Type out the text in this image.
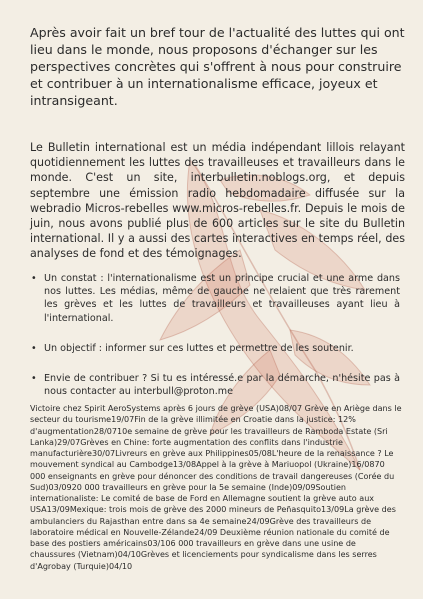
Après avoir fait un bref tour de l'actualité des luttes qui ont lieu dans le monde, nous proposons d'échanger sur les perspectives concrètes qui s'offrent à nous pour construire et contribuer à un internationalisme efficace, joyeux et intransigeant.

Le Bulletin international est un média indépendant lillois relayant quotidiennement les luttes des travailleuses et travailleurs dans le monde. C'est un site, interbulletin.noblogs.org, et depuis septembre une émission radio hebdomadaire diffusée sur la webradio Micros-rebelles www.micros-rebelles.fr. Depuis le mois de juin, nous avons publié plus de 600 articles sur le site du Bulletin international. Il y a aussi des cartes interactives en temps réel, des analyses de fond et des témoignages.

• Un constat : l'internationalisme est un principe crucial et une arme dans nos luttes. Les médias, même de gauche ne relaient que très rarement les grèves et les luttes de travailleurs et travailleuses ayant lieu à l'international.
• Un objectif : informer sur ces luttes et permettre de les soutenir.
• Envie de contribuer ? Si tu es intéressé.e par la démarche, n'hésite pas à nous contacter au interbull@proton.me

Victoire chez Spirit AeroSystems après 6 jours de grève (USA)08/07 Grève en Ariège dans le secteur du tourisme19/07Fin de la grève illimitée en Croatie dans la justice: 12% d'augmentation28/0710e semaine de grève pour les travailleurs de Ramboda Estate (Sri Lanka)29/07Grèves en Chine: forte augmentation des conflits dans l'industrie manufacturière30/07Livreurs en grève aux Philippines05/08L'heure de la renaissance ? Le mouvement syndical au Cambodge13/08Appel à la grève à Mariuopol (Ukraine)16/0870 000 enseignants en grève pour dénoncer des conditions de travail dangereuses (Corée du Sud)03/0920 000 travailleurs en grève pour la 5e semaine (Inde)09/09Soutien internationaliste: Le comité de base de Ford en Allemagne soutient la grève auto aux USA13/09Mexique: trois mois de grève des 2000 mineurs de Peñasquito13/09La grève des ambulanciers du Rajasthan entre dans sa 4e semaine24/09Grève des travailleurs de laboratoire médical en Nouvelle-Zélande24/09 Deuxième réunion nationale du comité de base des postiers américains03/106 000 travailleurs en grève dans une usine de chaussures (Vietnam)04/10Grèves et licenciements pour syndicalisme dans les serres d'Agrobay (Turquie)04/10
